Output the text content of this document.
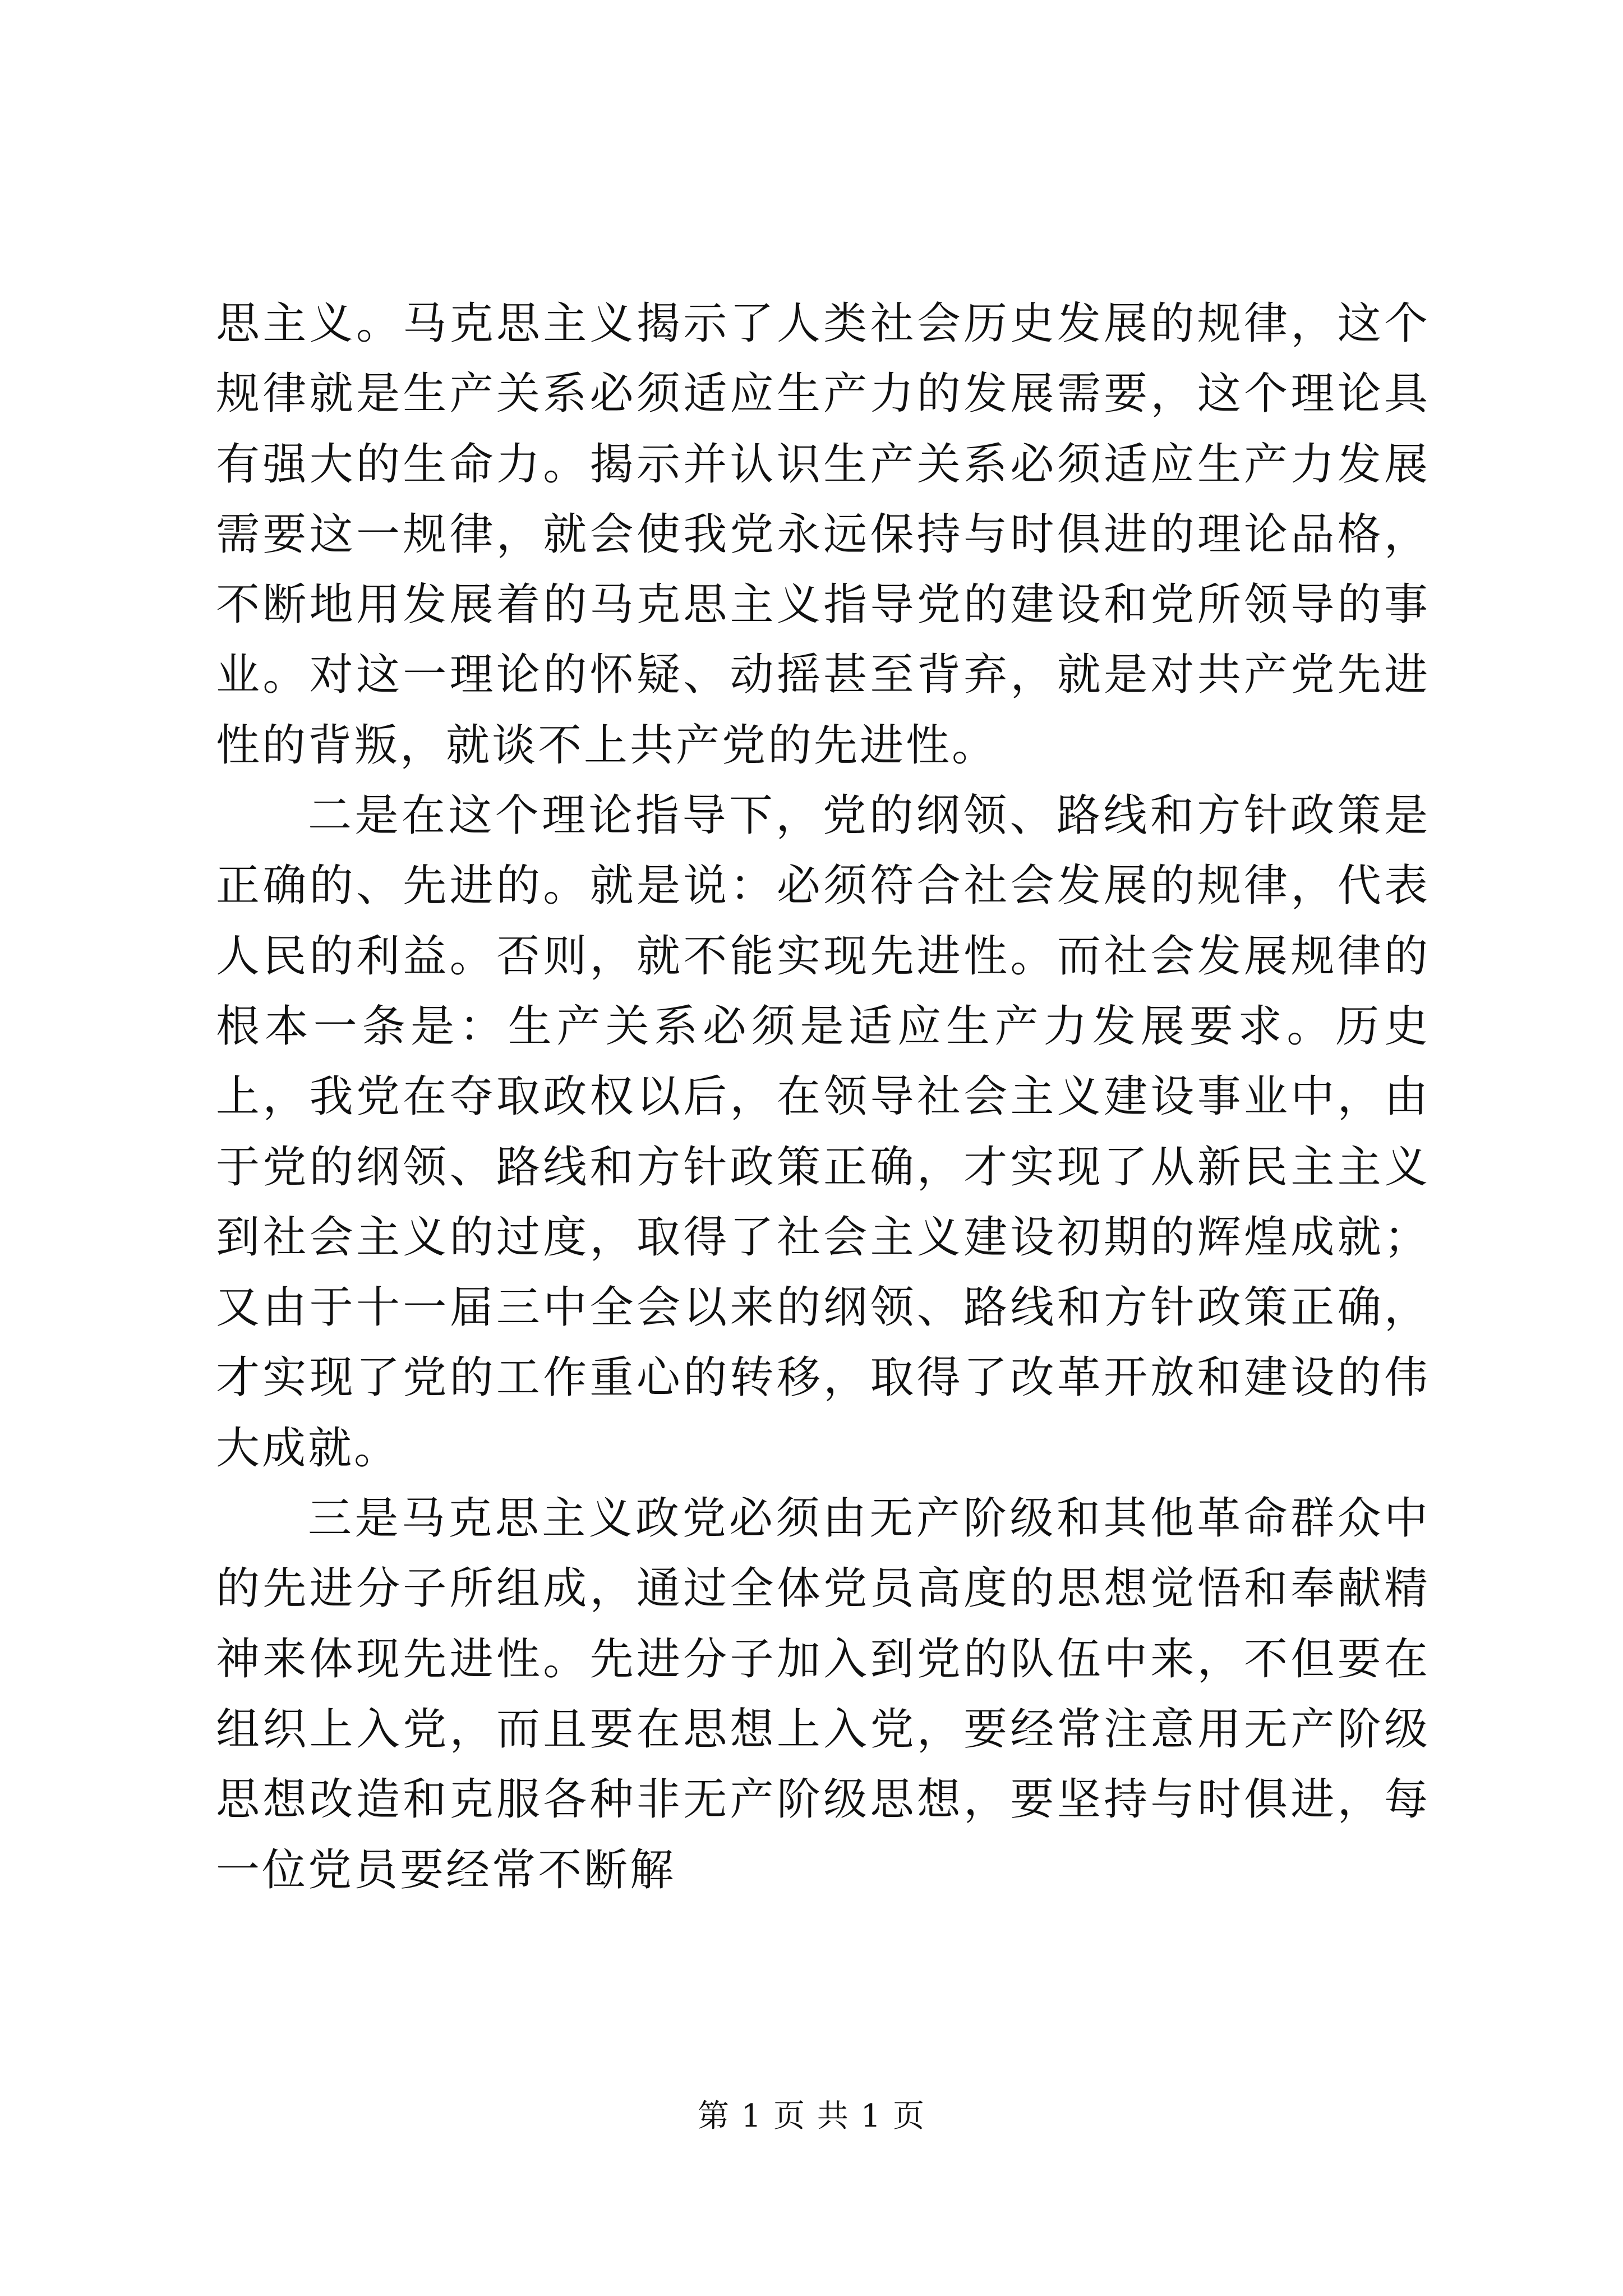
思主义。马克思主义揭示了人类社会历史发展的规律，这个规律就是生产关系必须适应生产力的发展需要，这个理论具有强大的生命力。揭示并认识生产关系必须适应生产力发展需要这一规律，就会使我党永远保持与时俱进的理论品格，不断地用发展着的马克思主义指导党的建设和党所领导的事业。对这一理论的怀疑、动摇甚至背弃，就是对共产党先进性的背叛，就谈不上共产党的先进性。

二是在这个理论指导下，党的纲领、路线和方针政策是正确的、先进的。就是说：必须符合社会发展的规律，代表人民的利益。否则，就不能实现先进性。而社会发展规律的根本一条是：生产关系必须是适应生产力发展要求。历史上，我党在夺取政权以后，在领导社会主义建设事业中，由于党的纲领、路线和方针政策正确，才实现了从新民主主义到社会主义的过度，取得了社会主义建设初期的辉煌成就；又由于十一届三中全会以来的纲领、路线和方针政策正确，才实现了党的工作重心的转移，取得了改革开放和建设的伟大成就。

三是马克思主义政党必须由无产阶级和其他革命群众中的先进分子所组成，通过全体党员高度的思想觉悟和奉献精神来体现先进性。先进分子加入到党的队伍中来，不但要在组织上入党，而且要在思想上入党，要经常注意用无产阶级思想改造和克服各种非无产阶级思想，要坚持与时俱进，每一位党员要经常不断解

第 1 页 共 1 页
